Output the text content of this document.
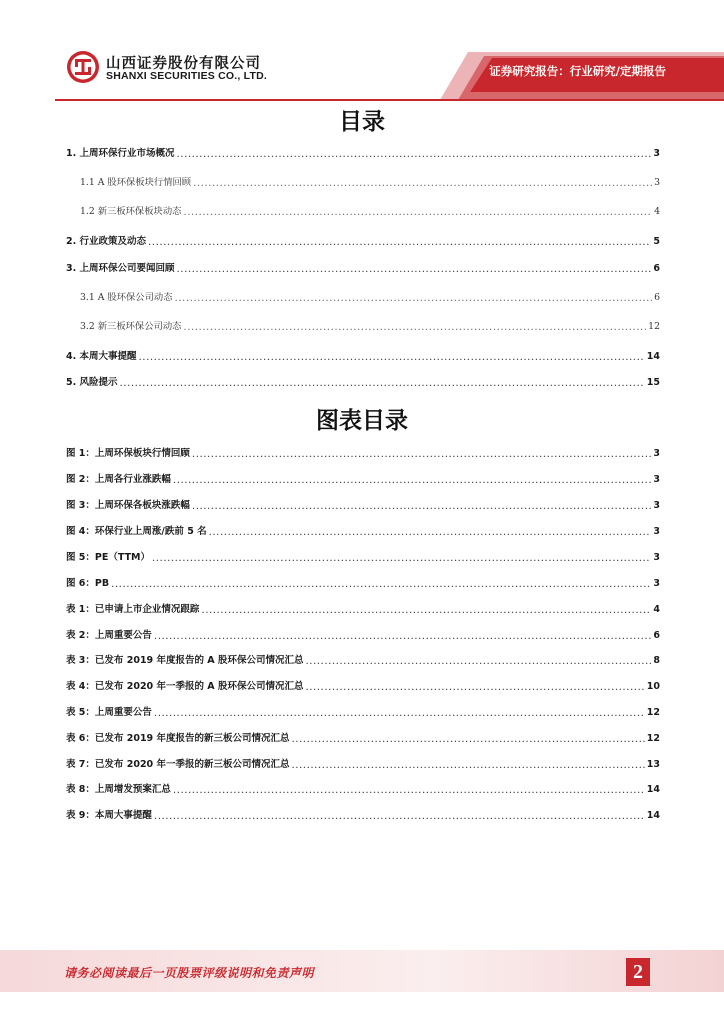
山西证券股份有限公司
SHANXI SECURITIES CO., LTD.	证券研究报告：行业研究/定期报告
目录
1. 上周环保行业市场概况 .....	3
1.1 A 股环保板块行情回顾 .....	3
1.2 新三板环保板块动态 .....	4
2. 行业政策及动态 .....	5
3. 上周环保公司要闻回顾 .....	6
3.1 A 股环保公司动态 .....	6
3.2 新三板环保公司动态 .....	12
4. 本周大事提醒 .....	14
5. 风险提示 .....	15
图表目录
图 1：上周环保板块行情回顾 .....	3
图 2：上周各行业涨跌幅 .....	3
图 3：上周环保各板块涨跌幅 .....	3
图 4：环保行业上周涨/跌前 5 名 .....	3
图 5：PE（TTM） .....	3
图 6：PB .....	3
表 1：已申请上市企业情况跟踪 .....	4
表 2：上周重要公告 .....	6
表 3：已发布 2019 年度报告的 A 股环保公司情况汇总 .....	8
表 4：已发布 2020 年一季报的 A 股环保公司情况汇总 .....	10
表 5：上周重要公告 .....	12
表 6：已发布 2019 年度报告的新三板公司情况汇总 .....	12
表 7：已发布 2020 年一季报的新三板公司情况汇总 .....	13
表 8：上周增发预案汇总 .....	14
表 9：本周大事提醒 .....	14
请务必阅读最后一页股票评级说明和免责声明	2
